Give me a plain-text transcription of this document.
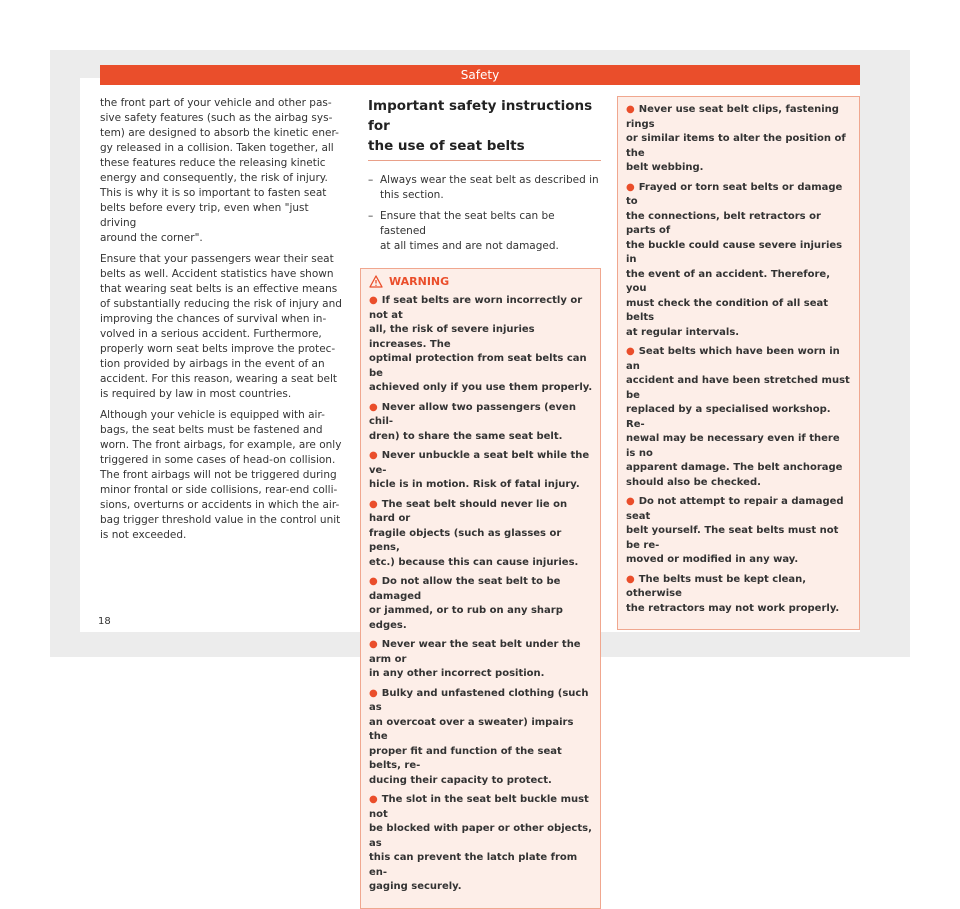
Safety

the front part of your vehicle and other pas-
sive safety features (such as the airbag sys-
tem) are designed to absorb the kinetic ener-
gy released in a collision. Taken together, all
these features reduce the releasing kinetic
energy and consequently, the risk of injury.
This is why it is so important to fasten seat
belts before every trip, even when "just driving
around the corner".

Ensure that your passengers wear their seat
belts as well. Accident statistics have shown
that wearing seat belts is an effective means
of substantially reducing the risk of injury and
improving the chances of survival when in-
volved in a serious accident. Furthermore,
properly worn seat belts improve the protec-
tion provided by airbags in the event of an
accident. For this reason, wearing a seat belt
is required by law in most countries.

Although your vehicle is equipped with air-
bags, the seat belts must be fastened and
worn. The front airbags, for example, are only
triggered in some cases of head-on collision.
The front airbags will not be triggered during
minor frontal or side collisions, rear-end colli-
sions, overturns or accidents in which the air-
bag trigger threshold value in the control unit
is not exceeded.

Important safety instructions for
the use of seat belts
– Always wear the seat belt as described in
this section.
– Ensure that the seat belts can be fastened
at all times and are not damaged.
WARNING
● If seat belts are worn incorrectly or not at
all, the risk of severe injuries increases. The
optimal protection from seat belts can be
achieved only if you use them properly.
● Never allow two passengers (even chil-
dren) to share the same seat belt.
● Never unbuckle a seat belt while the ve-
hicle is in motion. Risk of fatal injury.
● The seat belt should never lie on hard or
fragile objects (such as glasses or pens,
etc.) because this can cause injuries.
● Do not allow the seat belt to be damaged
or jammed, or to rub on any sharp edges.
● Never wear the seat belt under the arm or
in any other incorrect position.
● Bulky and unfastened clothing (such as
an overcoat over a sweater) impairs the
proper fit and function of the seat belts, re-
ducing their capacity to protect.
● The slot in the seat belt buckle must not
be blocked with paper or other objects, as
this can prevent the latch plate from en-
gaging securely.
● Never use seat belt clips, fastening rings
or similar items to alter the position of the
belt webbing.
● Frayed or torn seat belts or damage to
the connections, belt retractors or parts of
the buckle could cause severe injuries in
the event of an accident. Therefore, you
must check the condition of all seat belts
at regular intervals.
● Seat belts which have been worn in an
accident and have been stretched must be
replaced by a specialised workshop. Re-
newal may be necessary even if there is no
apparent damage. The belt anchorage
should also be checked.
● Do not attempt to repair a damaged seat
belt yourself. The seat belts must not be re-
moved or modified in any way.
● The belts must be kept clean, otherwise
the retractors may not work properly.
18
